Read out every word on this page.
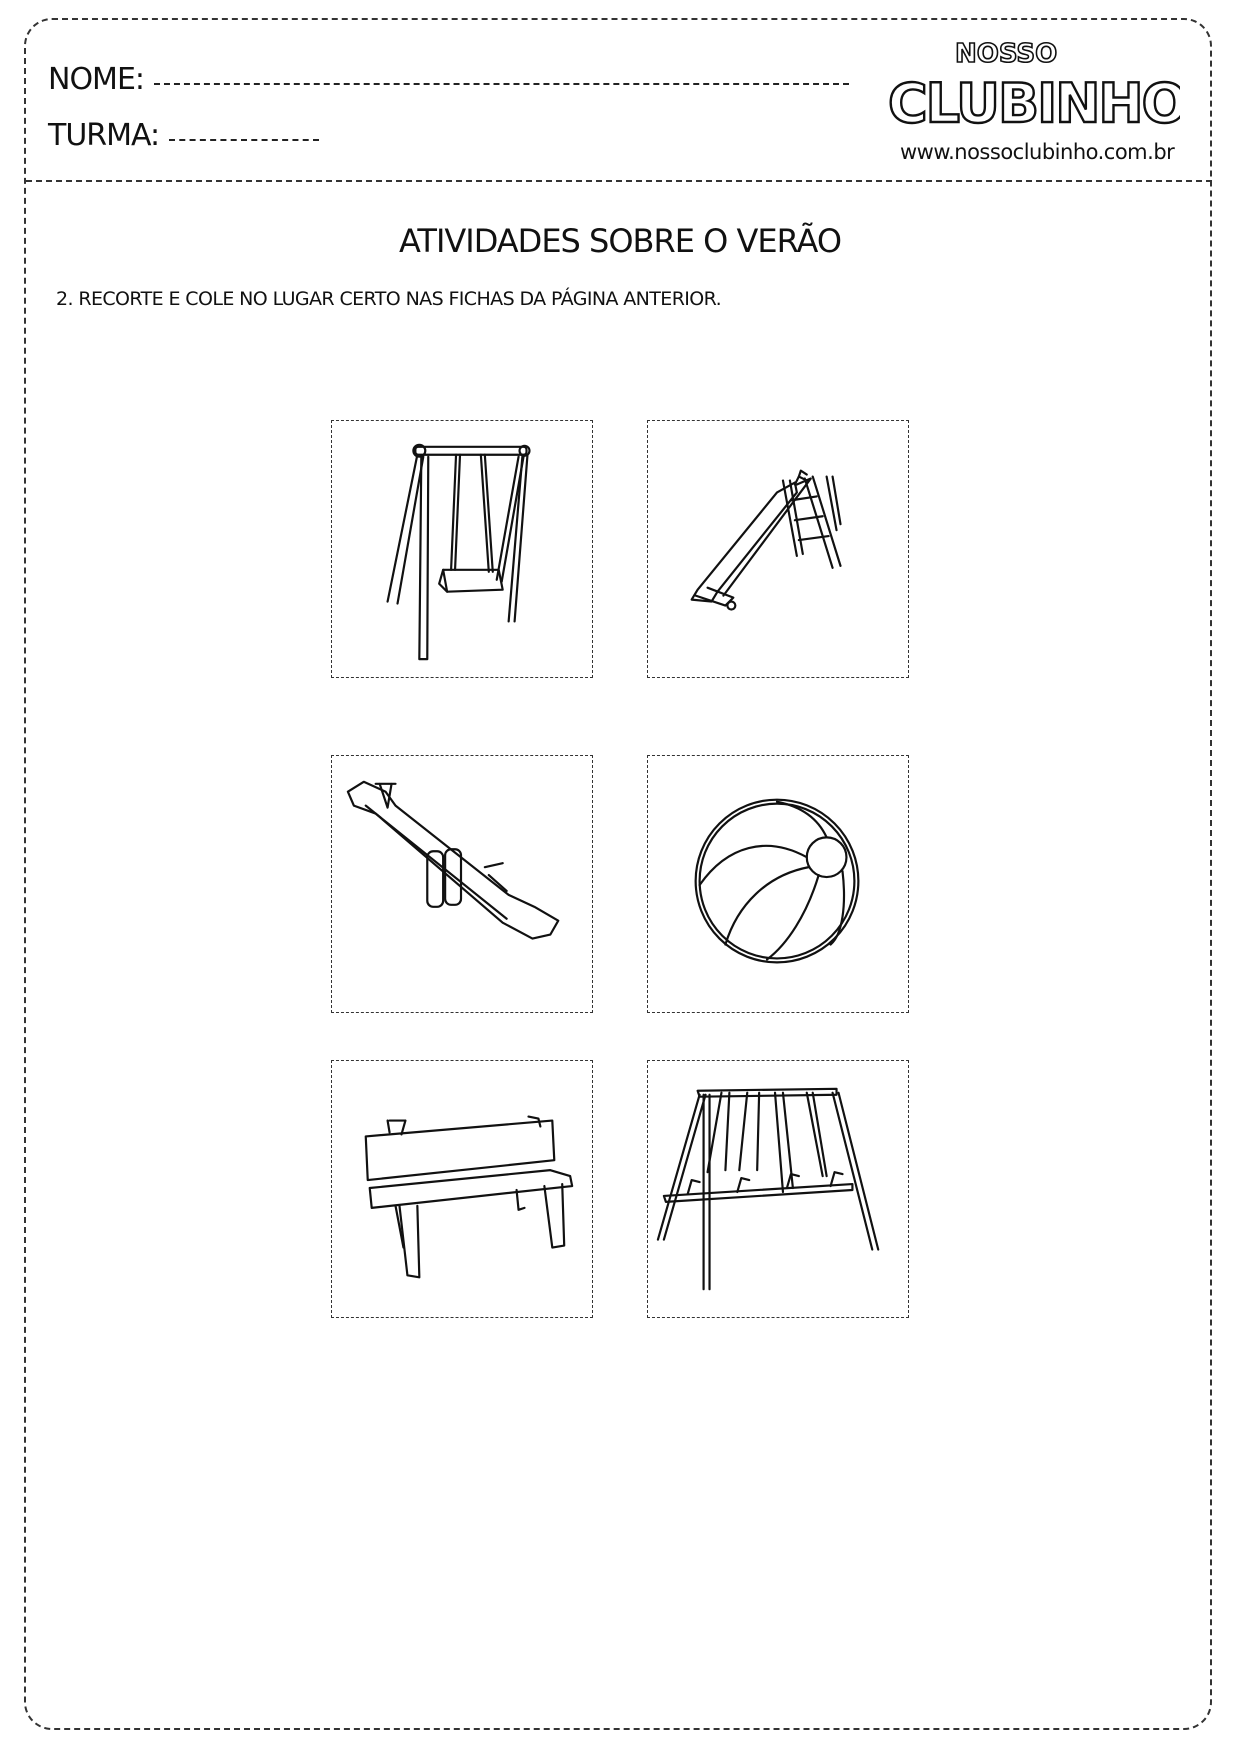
NOME:
TURMA:
NOSSO
CLUBINHO
www.nossoclubinho.com.br
ATIVIDADES SOBRE O VERÃO
2. RECORTE E COLE NO LUGAR CERTO NAS FICHAS DA PÁGINA ANTERIOR.
